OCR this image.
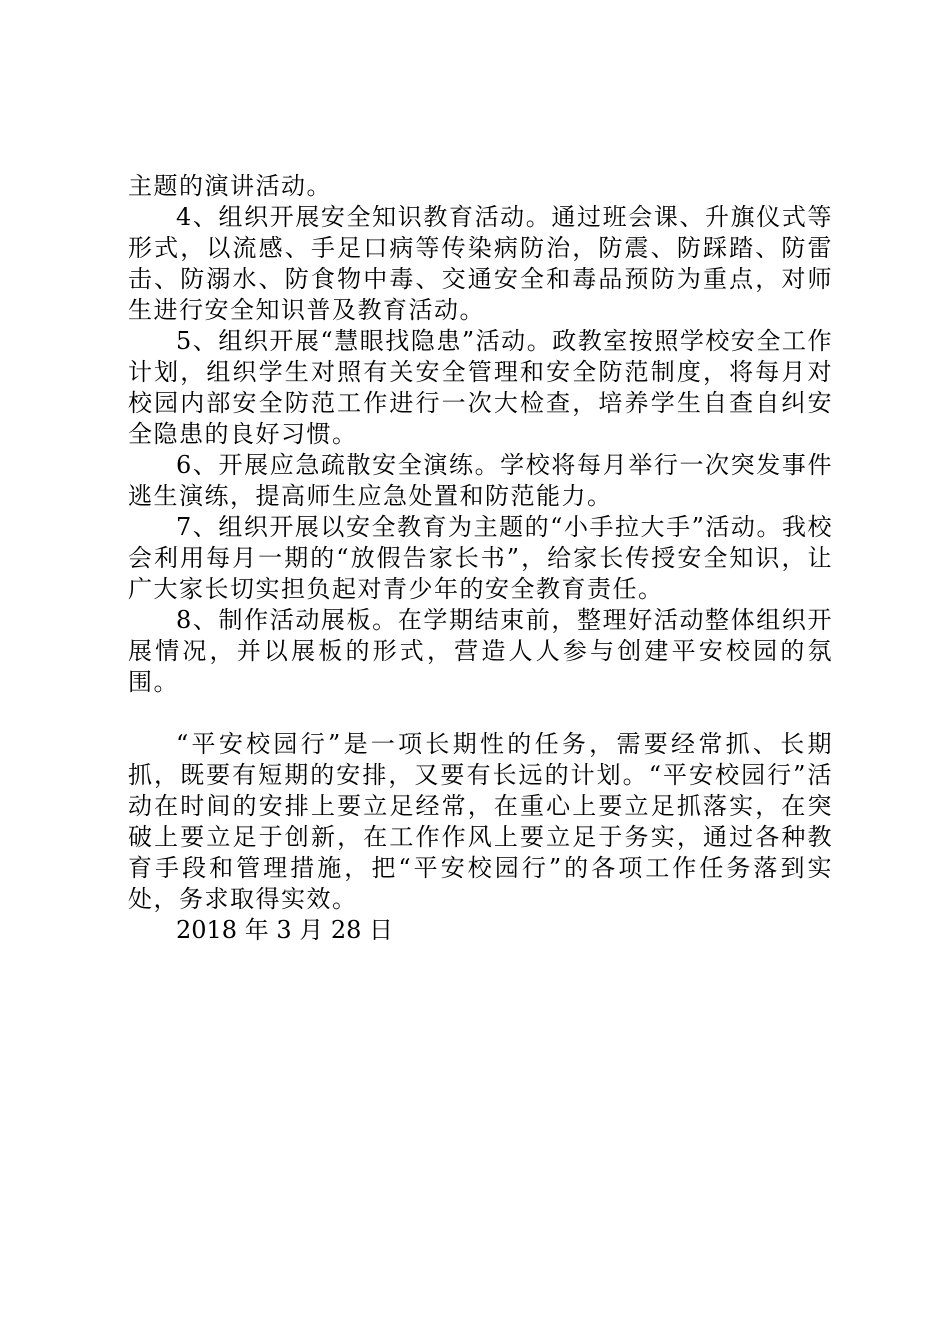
主题的演讲活动。

4、组织开展安全知识教育活动。通过班会课、升旗仪式等形式，以流感、手足口病等传染病防治，防震、防踩踏、防雷击、防溺水、防食物中毒、交通安全和毒品预防为重点，对师生进行安全知识普及教育活动。

5、组织开展“慧眼找隐患”活动。政教室按照学校安全工作计划，组织学生对照有关安全管理和安全防范制度，将每月对校园内部安全防范工作进行一次大检查，培养学生自查自纠安全隐患的良好习惯。

6、开展应急疏散安全演练。学校将每月举行一次突发事件逃生演练，提高师生应急处置和防范能力。

7、组织开展以安全教育为主题的“小手拉大手”活动。我校会利用每月一期的“放假告家长书”，给家长传授安全知识，让广大家长切实担负起对青少年的安全教育责任。

8、制作活动展板。在学期结束前，整理好活动整体组织开展情况，并以展板的形式，营造人人参与创建平安校园的氛围。

“平安校园行”是一项长期性的任务，需要经常抓、长期抓，既要有短期的安排，又要有长远的计划。“平安校园行”活动在时间的安排上要立足经常，在重心上要立足抓落实，在突破上要立足于创新，在工作作风上要立足于务实，通过各种教育手段和管理措施，把“平安校园行”的各项工作任务落到实处，务求取得实效。

2018 年 3 月 28 日
